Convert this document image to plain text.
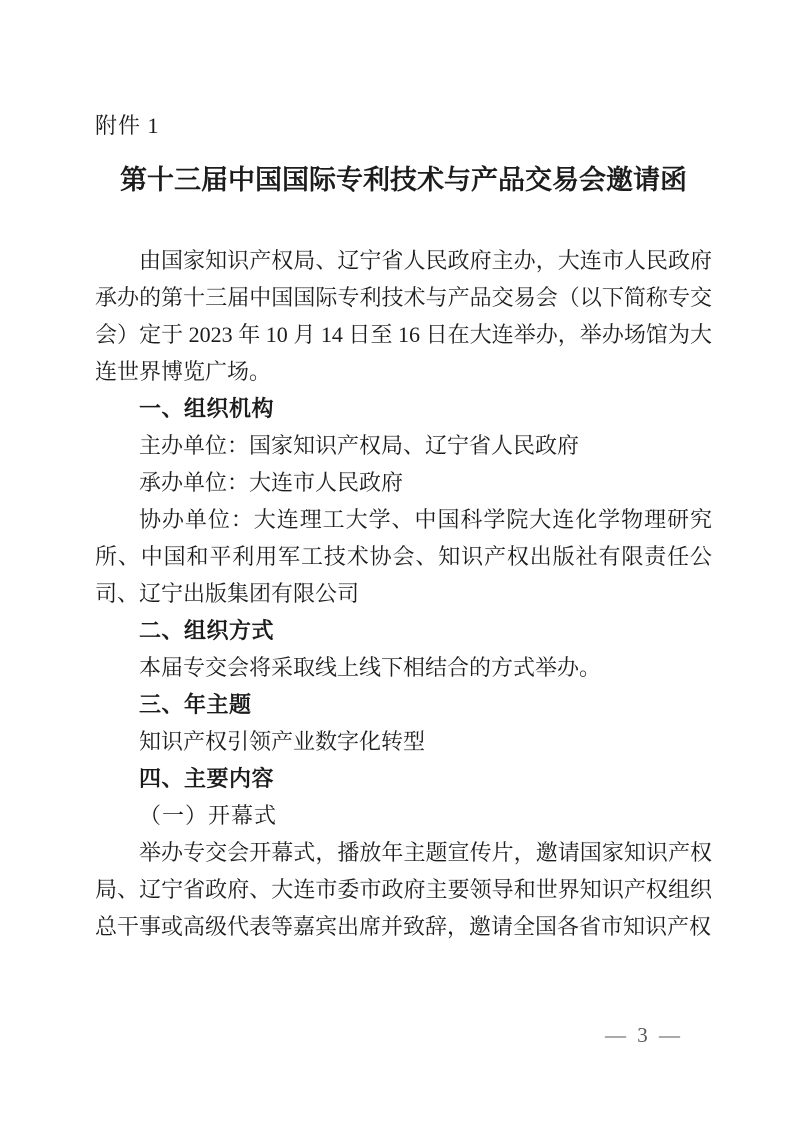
附件 1
第十三届中国国际专利技术与产品交易会邀请函

由国家知识产权局、辽宁省人民政府主办，大连市人民政府承办的第十三届中国国际专利技术与产品交易会（以下简称专交会）定于 2023 年 10 月 14 日至 16 日在大连举办，举办场馆为大连世界博览广场。

一、组织机构

主办单位：国家知识产权局、辽宁省人民政府

承办单位：大连市人民政府

协办单位：大连理工大学、中国科学院大连化学物理研究所、中国和平利用军工技术协会、知识产权出版社有限责任公司、辽宁出版集团有限公司

二、组织方式

本届专交会将采取线上线下相结合的方式举办。

三、年主题

知识产权引领产业数字化转型

四、主要内容
（一）开幕式

举办专交会开幕式，播放年主题宣传片，邀请国家知识产权局、辽宁省政府、大连市委市政府主要领导和世界知识产权组织总干事或高级代表等嘉宾出席并致辞，邀请全国各省市知识产权

— 3 —
